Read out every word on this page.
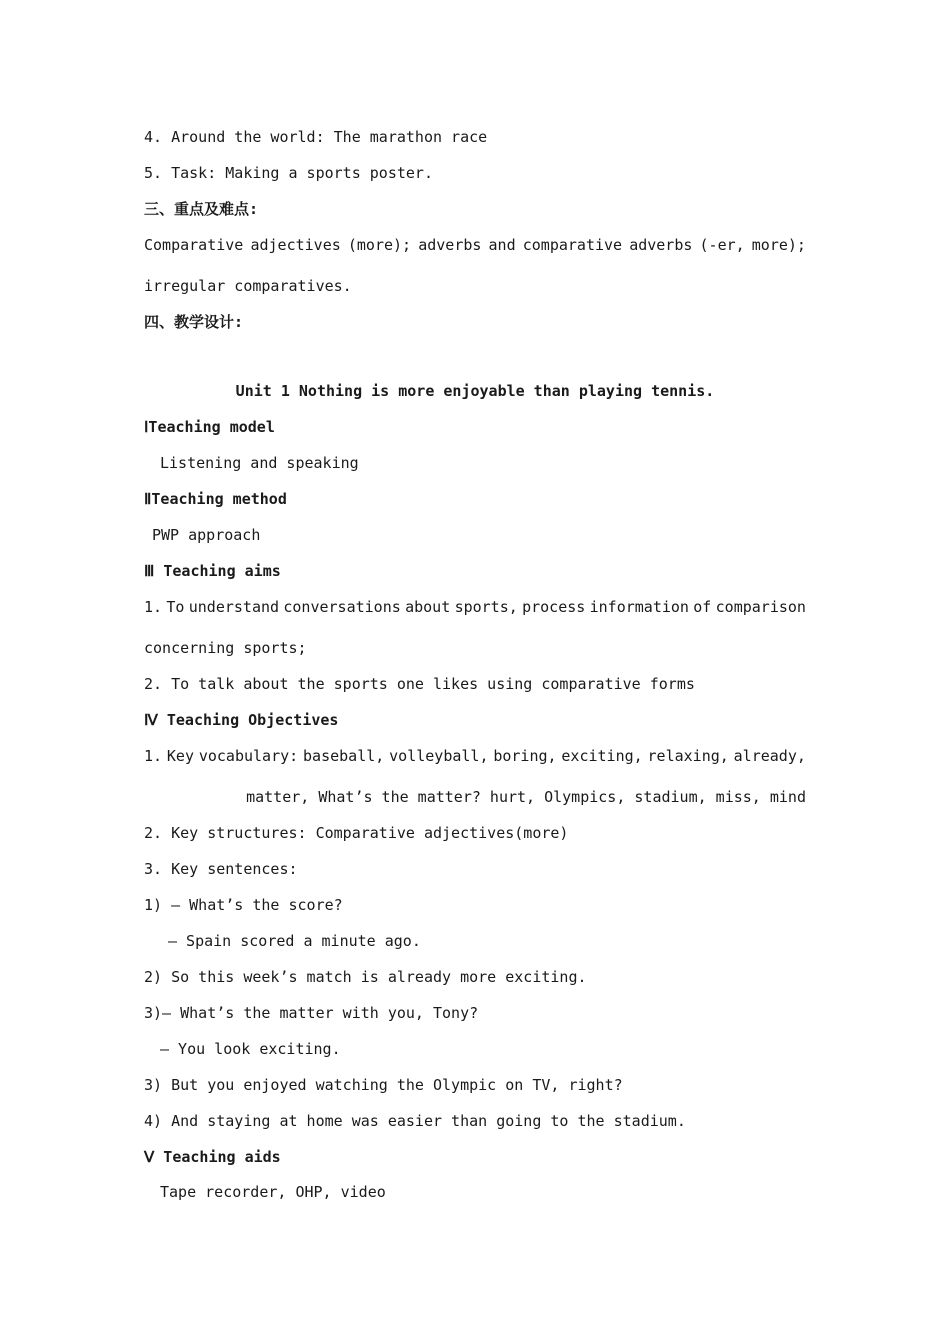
4. Around the world: The marathon race
5. Task: Making a sports poster.
三、重点及难点:
Comparative adjectives (more); adverbs and comparative adverbs (-er, more);
irregular comparatives.
四、教学设计:
Unit 1 Nothing is more enjoyable than playing tennis.
ⅠTeaching model
Listening and speaking
ⅡTeaching method
PWP approach
Ⅲ Teaching aims
1. To understand conversations about sports, process information of comparison
concerning sports;
2. To talk about the sports one likes using comparative forms
Ⅳ Teaching Objectives
1. Key vocabulary: baseball, volleyball, boring, exciting, relaxing, already,
matter, What’s the matter? hurt, Olympics, stadium, miss, mind
2. Key structures: Comparative adjectives(more)
3. Key sentences:
1) — What’s the score?
— Spain scored a minute ago.
2) So this week’s match is already more exciting.
3)— What’s the matter with you, Tony?
— You look exciting.
3) But you enjoyed watching the Olympic on TV, right?
4) And staying at home was easier than going to the stadium.
Ⅴ Teaching aids
Tape recorder, OHP, video
